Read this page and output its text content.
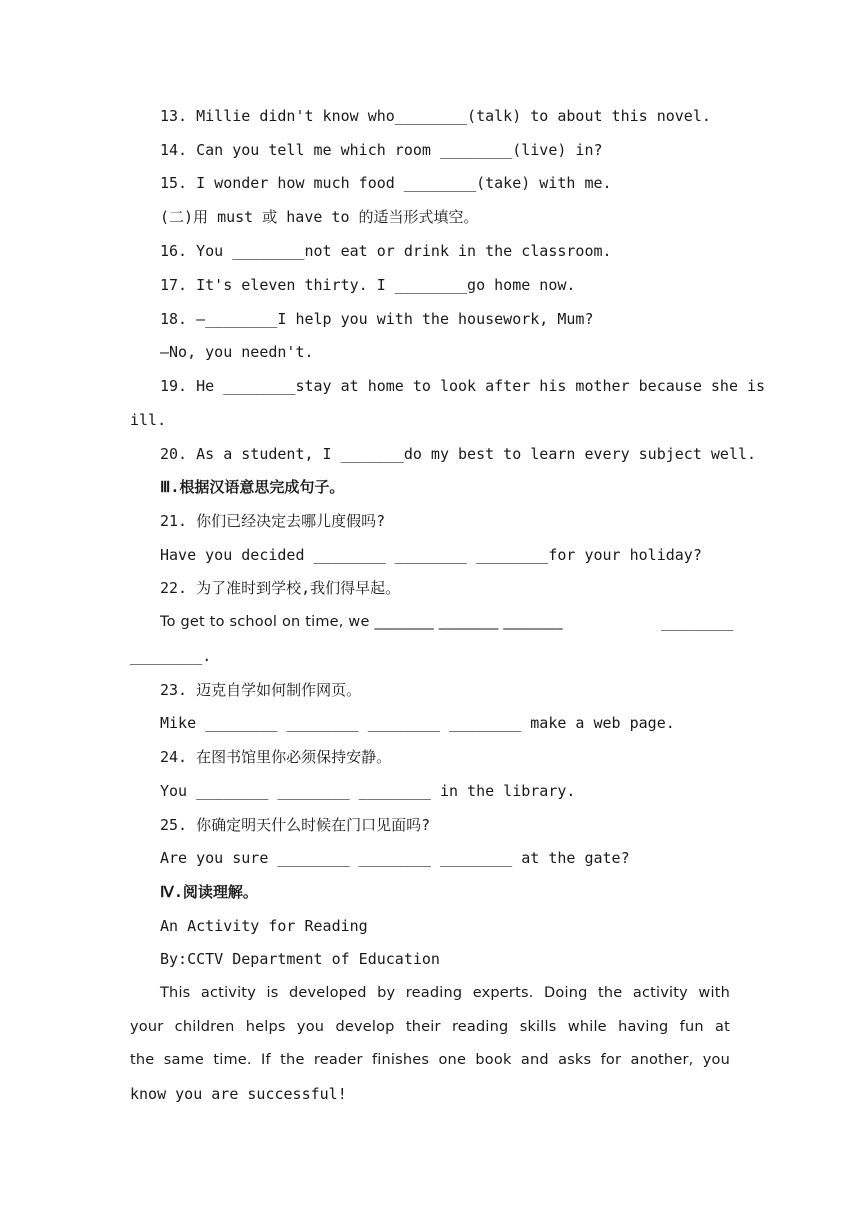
13. Millie didn't know who________(talk) to about this novel.
14. Can you tell me which room ________(live) in?
15. I wonder how much food ________(take) with me.
(二)用 must 或 have to 的适当形式填空。
16. You ________not eat or drink in the classroom.
17. It's eleven thirty. I ________go home now.
18. —________I help you with the housework, Mum?
—No, you needn't.
19. He ________stay at home to look after his mother because she is
ill.
20. As a student, I _______do my best to learn every subject well.
Ⅲ.根据汉语意思完成句子。
21. 你们已经决定去哪儿度假吗?
Have you decided ________ ________ ________for your holiday?
22. 为了准时到学校,我们得早起。
To get to school on time, we ________ ________ ________	________
________.
23. 迈克自学如何制作网页。
Mike ________ ________ ________ ________ make a web page.
24. 在图书馆里你必须保持安静。
You ________ ________ ________ in the library.
25. 你确定明天什么时候在门口见面吗?
Are you sure ________ ________ ________ at the gate?
Ⅳ.阅读理解。
An Activity for Reading
By:CCTV Department of Education
This activity is developed by reading experts. Doing the activity with
your children helps you develop their reading skills while having fun at
the same time. If the reader finishes one book and asks for another, you
know you are successful!
